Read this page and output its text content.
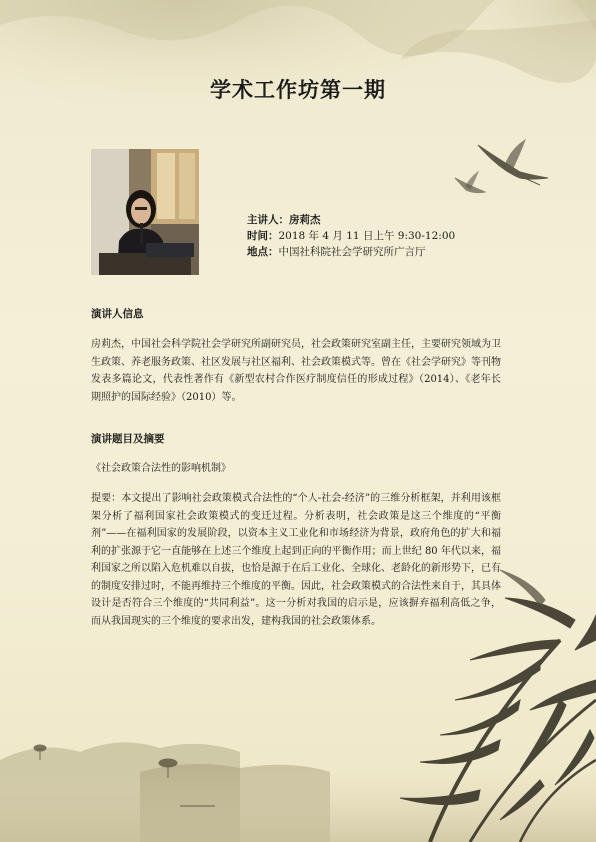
学术工作坊第一期
主讲人：房莉杰
时间：2018 年 4 月 11 日上午 9:30-12:00
地点：中国社科院社会学研究所广言厅
演讲人信息
房莉杰，中国社会科学院社会学研究所副研究员，社会政策研究室副主任，主要研究领域为卫生政策、养老服务政策、社区发展与社区福利、社会政策模式等。曾在《社会学研究》等刊物发表多篇论文，代表性著作有《新型农村合作医疗制度信任的形成过程》（2014）、《老年长期照护的国际经验》（2010）等。
演讲题目及摘要
《社会政策合法性的影响机制》
提要：本文提出了影响社会政策模式合法性的“个人-社会-经济”的三维分析框架，并利用该框架分析了福利国家社会政策模式的变迁过程。分析表明，社会政策是这三个维度的“平衡剂”——在福利国家的发展阶段，以资本主义工业化和市场经济为背景，政府角色的扩大和福利的扩张源于它一直能够在上述三个维度上起到正向的平衡作用；而上世纪 80 年代以来，福利国家之所以陷入危机难以自拔，也恰是源于在后工业化、全球化、老龄化的新形势下，已有的制度安排过时，不能再维持三个维度的平衡。因此，社会政策模式的合法性来自于，其具体设计是否符合三个维度的“共同利益”。这一分析对我国的启示是，应该摒弃福利高低之争，而从我国现实的三个维度的要求出发，建构我国的社会政策体系。
